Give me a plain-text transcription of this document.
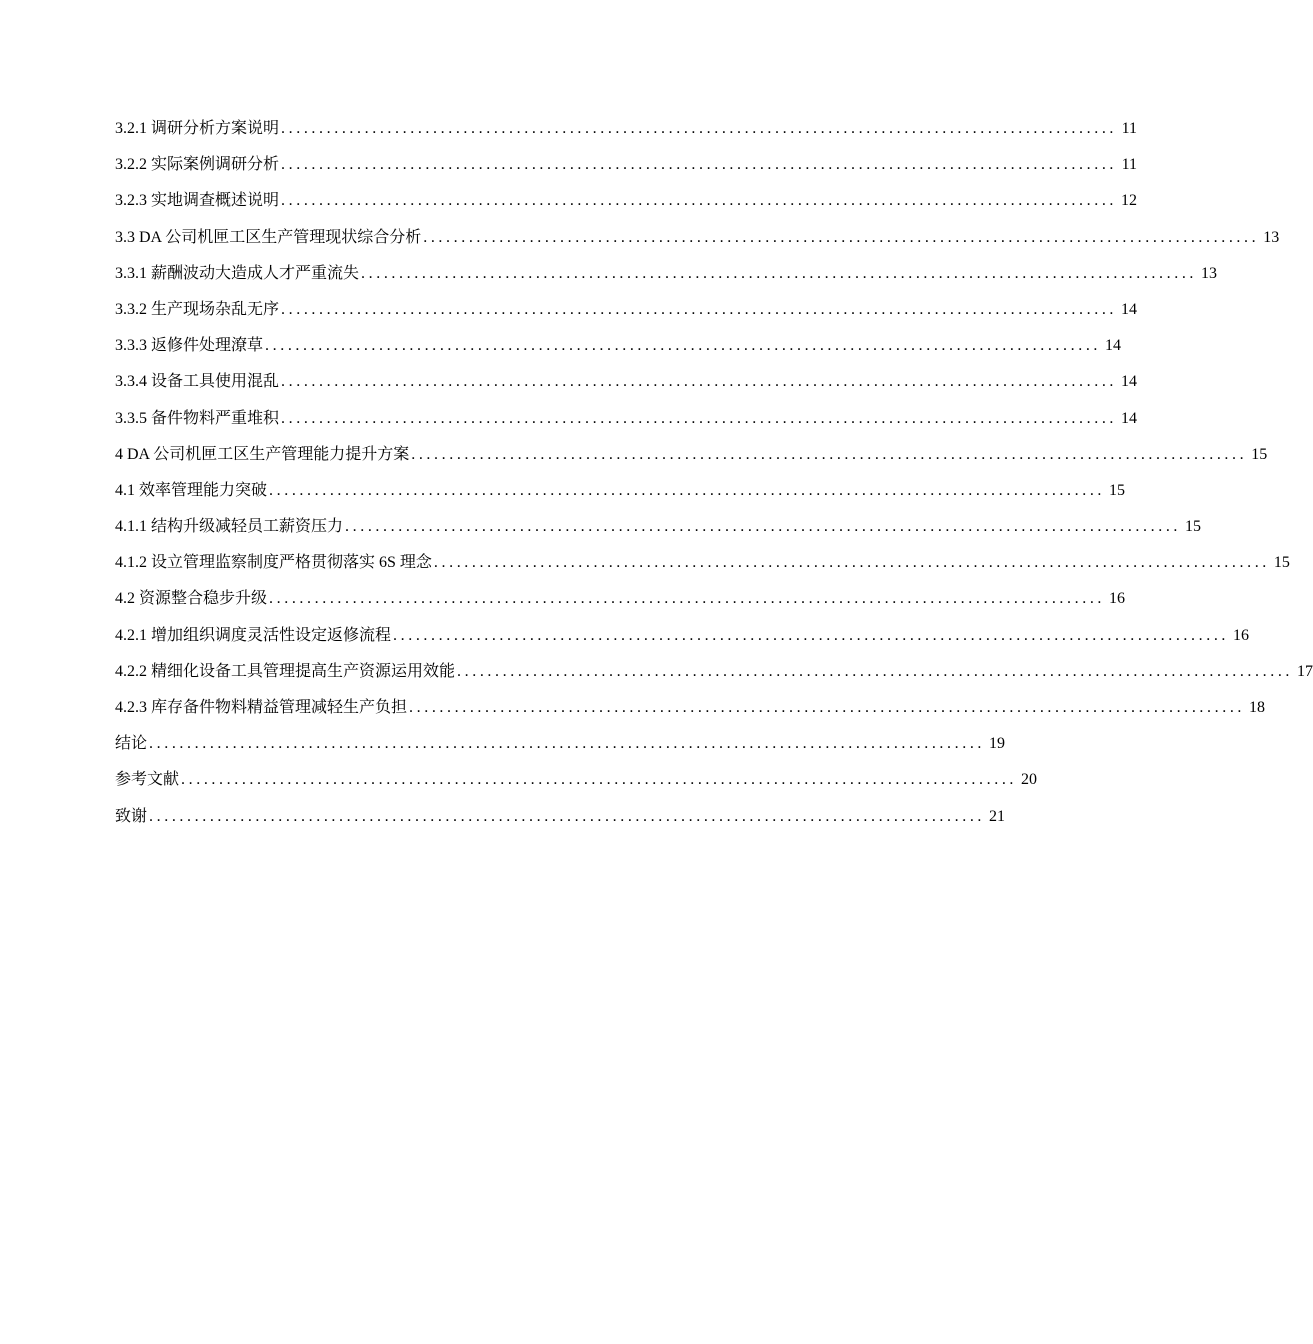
3.2.1 调研分析方案说明 .............................................................................................................. 11
3.2.2 实际案例调研分析 .............................................................................................................. 11
3.2.3 实地调查概述说明 .............................................................................................................. 12
3.3 DA 公司机匣工区生产管理现状综合分析 .............................................................................................................. 13
3.3.1 薪酬波动大造成人才严重流失 .............................................................................................................. 13
3.3.2 生产现场杂乱无序 .............................................................................................................. 14
3.3.3 返修件处理潦草 .............................................................................................................. 14
3.3.4 设备工具使用混乱 .............................................................................................................. 14
3.3.5 备件物料严重堆积 .............................................................................................................. 14
4 DA 公司机匣工区生产管理能力提升方案 .............................................................................................................. 15
4.1 效率管理能力突破 .............................................................................................................. 15
4.1.1 结构升级减轻员工薪资压力 .............................................................................................................. 15
4.1.2 设立管理监察制度严格贯彻落实 6S 理念 .............................................................................................................. 15
4.2 资源整合稳步升级 .............................................................................................................. 16
4.2.1 增加组织调度灵活性设定返修流程 .............................................................................................................. 16
4.2.2 精细化设备工具管理提高生产资源运用效能 .............................................................................................................. 17
4.2.3 库存备件物料精益管理减轻生产负担 .............................................................................................................. 18
结论 .............................................................................................................. 19
参考文献 .............................................................................................................. 20
致谢 .............................................................................................................. 21
